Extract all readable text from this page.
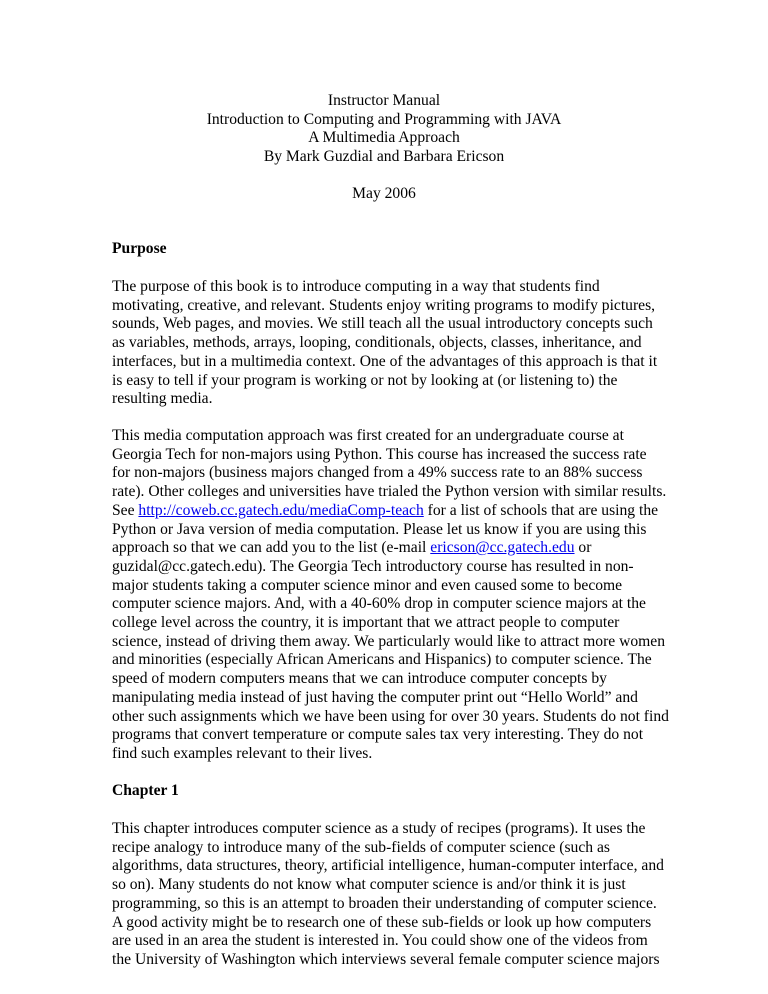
Instructor Manual
Introduction to Computing and Programming with JAVA
A Multimedia Approach
By Mark Guzdial and Barbara Ericson
May 2006
Purpose
The purpose of this book is to introduce computing in a way that students find
motivating, creative, and relevant. Students enjoy writing programs to modify pictures,
sounds, Web pages, and movies. We still teach all the usual introductory concepts such
as variables, methods, arrays, looping, conditionals, objects, classes, inheritance, and
interfaces, but in a multimedia context. One of the advantages of this approach is that it
is easy to tell if your program is working or not by looking at (or listening to) the
resulting media.
This media computation approach was first created for an undergraduate course at
Georgia Tech for non-majors using Python. This course has increased the success rate
for non-majors (business majors changed from a 49% success rate to an 88% success
rate). Other colleges and universities have trialed the Python version with similar results.
See http://coweb.cc.gatech.edu/mediaComp-teach for a list of schools that are using the
Python or Java version of media computation. Please let us know if you are using this
approach so that we can add you to the list (e-mail ericson@cc.gatech.edu or
guzidal@cc.gatech.edu). The Georgia Tech introductory course has resulted in non-
major students taking a computer science minor and even caused some to become
computer science majors. And, with a 40-60% drop in computer science majors at the
college level across the country, it is important that we attract people to computer
science, instead of driving them away. We particularly would like to attract more women
and minorities (especially African Americans and Hispanics) to computer science. The
speed of modern computers means that we can introduce computer concepts by
manipulating media instead of just having the computer print out “Hello World” and
other such assignments which we have been using for over 30 years. Students do not find
programs that convert temperature or compute sales tax very interesting. They do not
find such examples relevant to their lives.
Chapter 1
This chapter introduces computer science as a study of recipes (programs). It uses the
recipe analogy to introduce many of the sub-fields of computer science (such as
algorithms, data structures, theory, artificial intelligence, human-computer interface, and
so on). Many students do not know what computer science is and/or think it is just
programming, so this is an attempt to broaden their understanding of computer science.
A good activity might be to research one of these sub-fields or look up how computers
are used in an area the student is interested in. You could show one of the videos from
the University of Washington which interviews several female computer science majors
